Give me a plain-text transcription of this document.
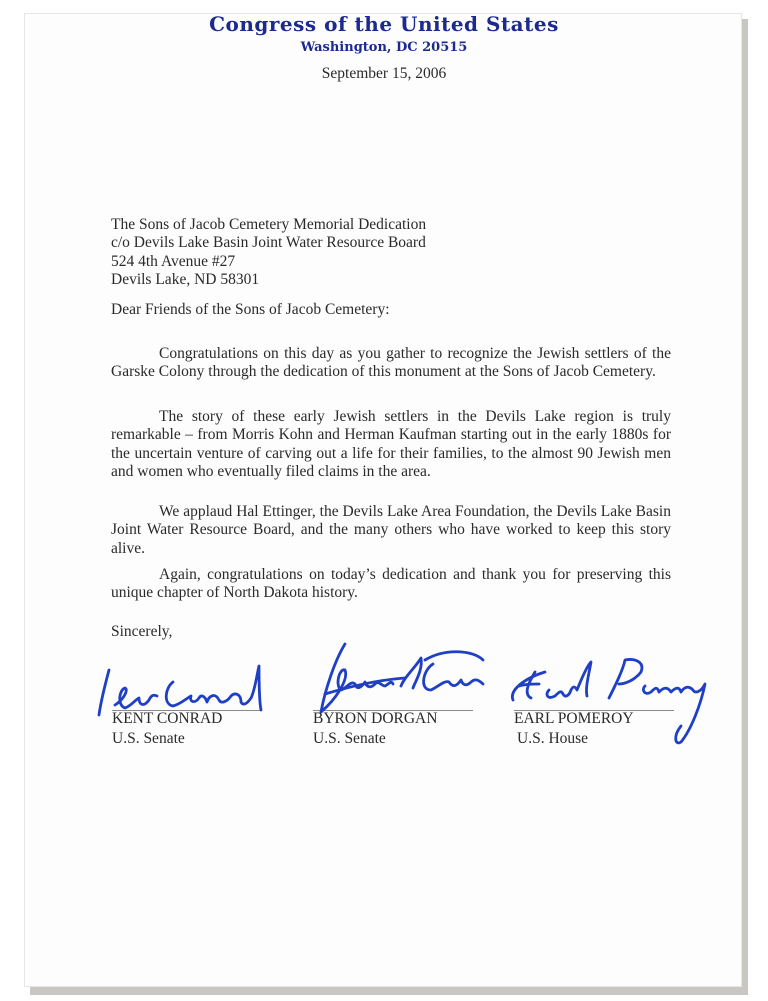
Congress of the United States
Washington, DC 20515
September 15, 2006
The Sons of Jacob Cemetery Memorial Dedication
c/o Devils Lake Basin Joint Water Resource Board
524 4th Avenue #27
Devils Lake, ND 58301
Dear Friends of the Sons of Jacob Cemetery:
Congratulations on this day as you gather to recognize the Jewish settlers of the Garske Colony through the dedication of this monument at the Sons of Jacob Cemetery.
The story of these early Jewish settlers in the Devils Lake region is truly remarkable – from Morris Kohn and Herman Kaufman starting out in the early 1880s for the uncertain venture of carving out a life for their families, to the almost 90 Jewish men and women who eventually filed claims in the area.
We applaud Hal Ettinger, the Devils Lake Area Foundation, the Devils Lake Basin Joint Water Resource Board, and the many others who have worked to keep this story alive.
Again, congratulations on today’s dedication and thank you for preserving this unique chapter of North Dakota history.
Sincerely,
KENT CONRAD
U.S. Senate
BYRON DORGAN
U.S. Senate
EARL POMEROY
U.S. House
